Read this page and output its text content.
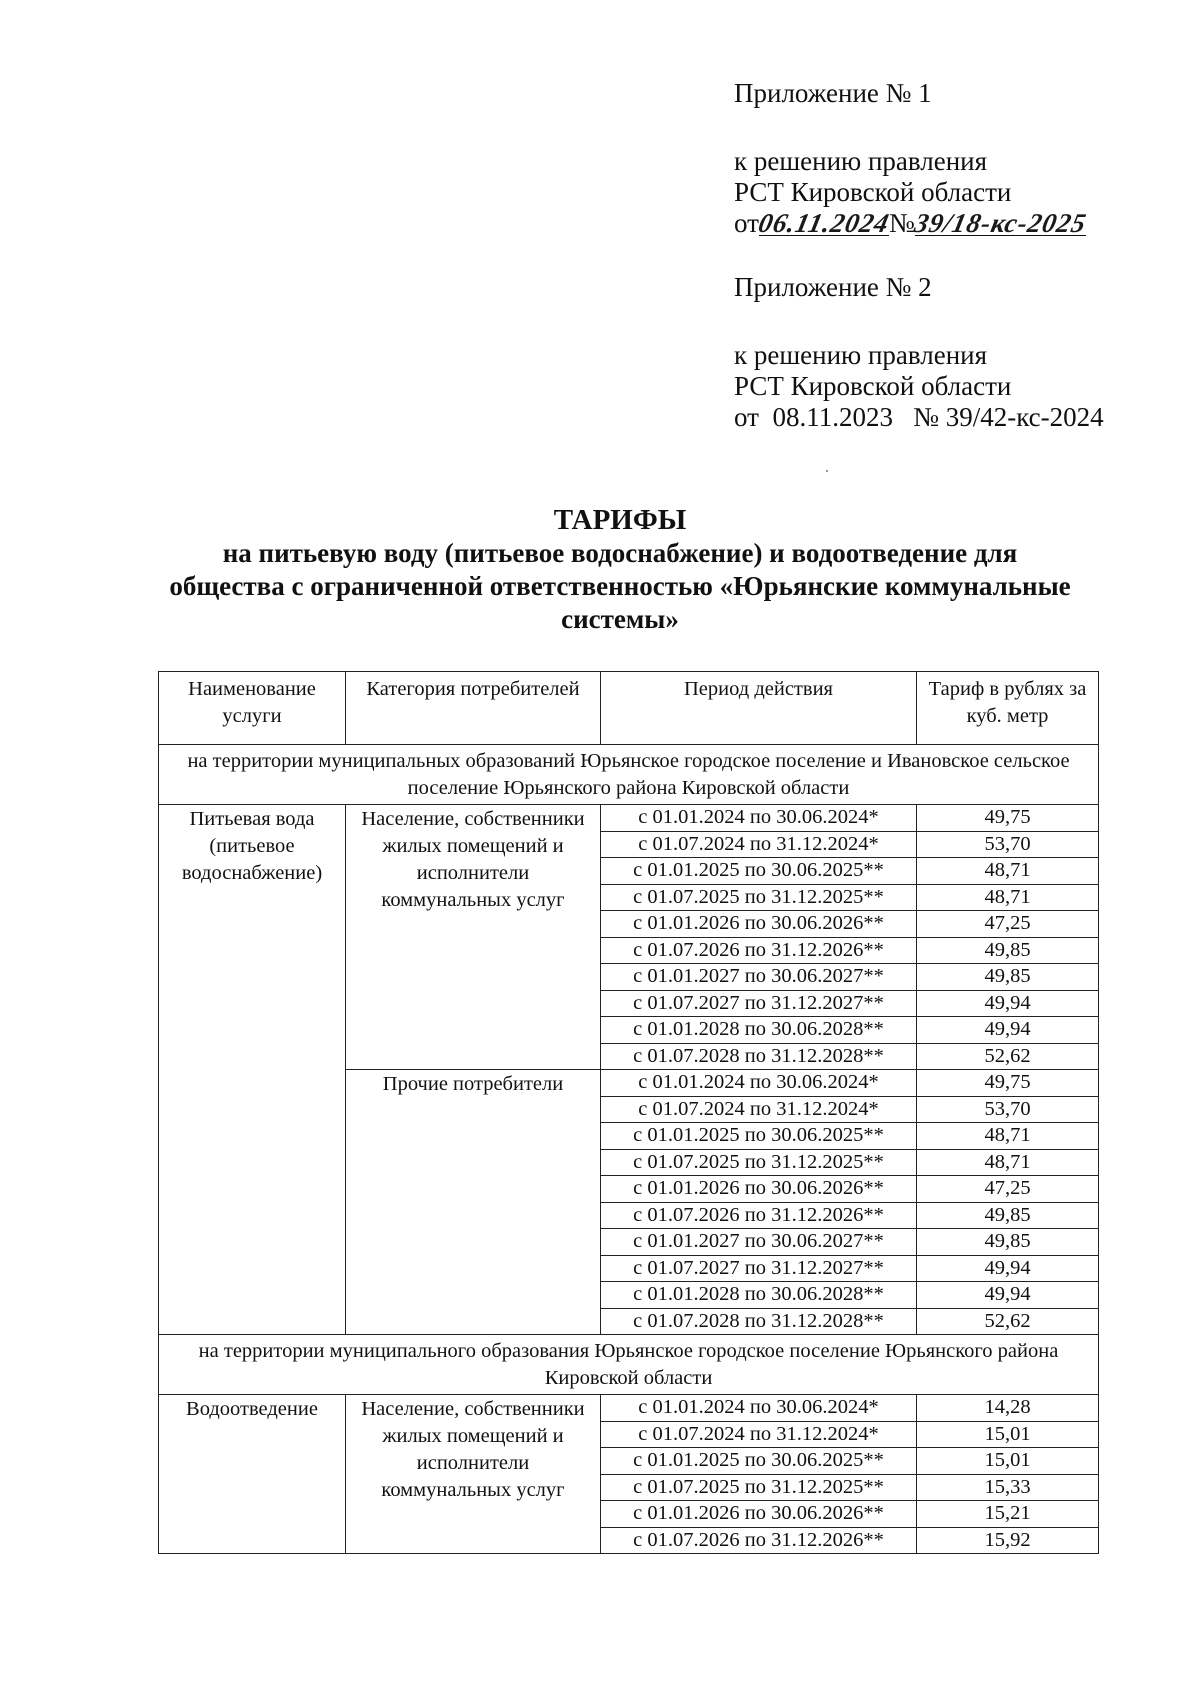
Приложение № 1
к решению правления
РСТ Кировской области
от06.11.2024№39/18-кс-2025
Приложение № 2
к решению правления
РСТ Кировской области
от  08.11.2023   № 39/42-кс-2024
ТАРИФЫ
на питьевую воду (питьевое водоснабжение) и водоотведение для
общества с ограниченной ответственностью «Юрьянские коммунальные
системы»
Наименование услуги	Категория потребителей	Период действия	Тариф в рублях за куб. метр
на территории муниципальных образований Юрьянское городское поселение и Ивановское сельское поселение Юрьянского района Кировской области			
Питьевая вода (питьевое водоснабжение)	Население, собственники жилых помещений и исполнители коммунальных услуг	с 01.01.2024 по 30.06.2024*	49,75
		с 01.07.2024 по 31.12.2024*	53,70
		с 01.01.2025 по 30.06.2025**	48,71
		с 01.07.2025 по 31.12.2025**	48,71
		с 01.01.2026 по 30.06.2026**	47,25
		с 01.07.2026 по 31.12.2026**	49,85
		с 01.01.2027 по 30.06.2027**	49,85
		с 01.07.2027 по 31.12.2027**	49,94
		с 01.01.2028 по 30.06.2028**	49,94
		с 01.07.2028 по 31.12.2028**	52,62
	Прочие потребители	с 01.01.2024 по 30.06.2024*	49,75
		с 01.07.2024 по 31.12.2024*	53,70
		с 01.01.2025 по 30.06.2025**	48,71
		с 01.07.2025 по 31.12.2025**	48,71
		с 01.01.2026 по 30.06.2026**	47,25
		с 01.07.2026 по 31.12.2026**	49,85
		с 01.01.2027 по 30.06.2027**	49,85
		с 01.07.2027 по 31.12.2027**	49,94
		с 01.01.2028 по 30.06.2028**	49,94
		с 01.07.2028 по 31.12.2028**	52,62
на территории муниципального образования Юрьянское городское поселение Юрьянского района Кировской области			
Водоотведение	Население, собственники жилых помещений и исполнители коммунальных услуг	с 01.01.2024 по 30.06.2024*	14,28
		с 01.07.2024 по 31.12.2024*	15,01
		с 01.01.2025 по 30.06.2025**	15,01
		с 01.07.2025 по 31.12.2025**	15,33
		с 01.01.2026 по 30.06.2026**	15,21
		с 01.07.2026 по 31.12.2026**	15,92
